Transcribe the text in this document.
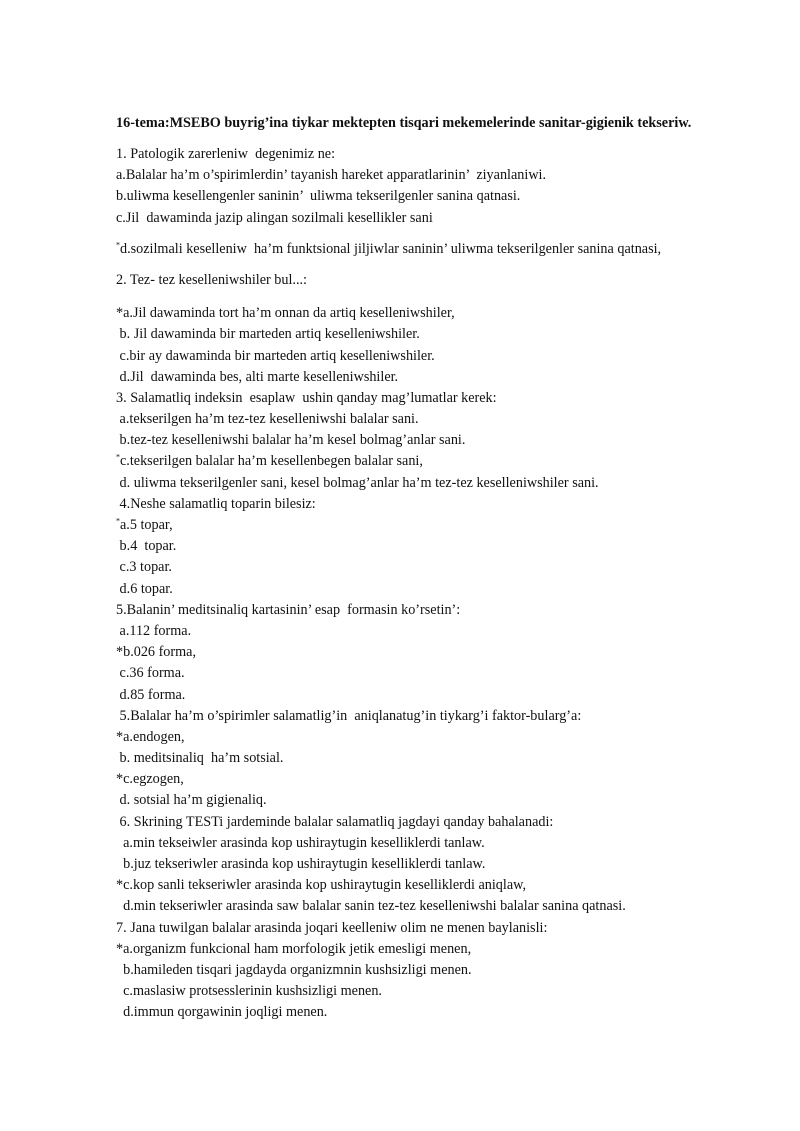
16-tema:MSEBO buyrig’ina tiykar mektepten tisqari mekemelerinde sanitar-gigienik tekseriw.
1. Patologik zarerleniw  degenimiz ne:
a.Balalar ha’m o’spirimlerdin’ tayanish hareket apparatlarinin’  ziyanlaniwi.
b.uliwma kesellengenler saninin’  uliwma tekserilgenler sanina qatnasi.
c.Jil  dawaminda jazip alingan sozilmali kesellikler sani
*d.sozilmali keselleniw  ha’m funktsional jiljiwlar saninin’ uliwma tekserilgenler sanina qatnasi,
2. Tez- tez keselleniwshiler bul...:
*a.Jil dawaminda tort ha’m onnan da artiq keselleniwshiler,
b. Jil dawaminda bir marteden artiq keselleniwshiler.
c.bir ay dawaminda bir marteden artiq keselleniwshiler.
d.Jil  dawaminda bes, alti marte keselleniwshiler.
3. Salamatliq indeksin  esaplaw  ushin qanday mag’lumatlar kerek:
a.tekserilgen ha’m tez-tez keselleniwshi balalar sani.
b.tez-tez keselleniwshi balalar ha’m kesel bolmag’anlar sani.
*c.tekserilgen balalar ha’m kesellenbegen balalar sani,
d. uliwma tekserilgenler sani, kesel bolmag’anlar ha’m tez-tez keselleniwshiler sani.
4.Neshe salamatliq toparin bilesiz:
*a.5 topar,
b.4  topar.
c.3 topar.
d.6 topar.
5.Balanin’ meditsinaliq kartasinin’ esap  formasin ko’rsetin’:
a.112 forma.
*b.026 forma,
c.36 forma.
d.85 forma.
5.Balalar ha’m o’spirimler salamatlig’in  aniqlanatug’in tiykarg’i faktor-bularg’a:
*a.endogen,
b. meditsinaliq  ha’m sotsial.
*c.egzogen,
d. sotsial ha’m gigienaliq.
6. Skrining TESTi jardeminde balalar salamatliq jagdayi qanday bahalanadi:
a.min tekseiwler arasinda kop ushiraytugin keselliklerdi tanlaw.
b.juz tekseriwler arasinda kop ushiraytugin keselliklerdi tanlaw.
*c.kop sanli tekseriwler arasinda kop ushiraytugin keselliklerdi aniqlaw,
d.min tekseriwler arasinda saw balalar sanin tez-tez keselleniwshi balalar sanina qatnasi.
7. Jana tuwilgan balalar arasinda joqari keelleniw olim ne menen baylanisli:
*a.organizm funkcional ham morfologik jetik emesligi menen,
b.hamileden tisqari jagdayda organizmnin kushsizligi menen.
c.maslasiw protsesslerinin kushsizligi menen.
d.immun qorgawinin joqligi menen.
